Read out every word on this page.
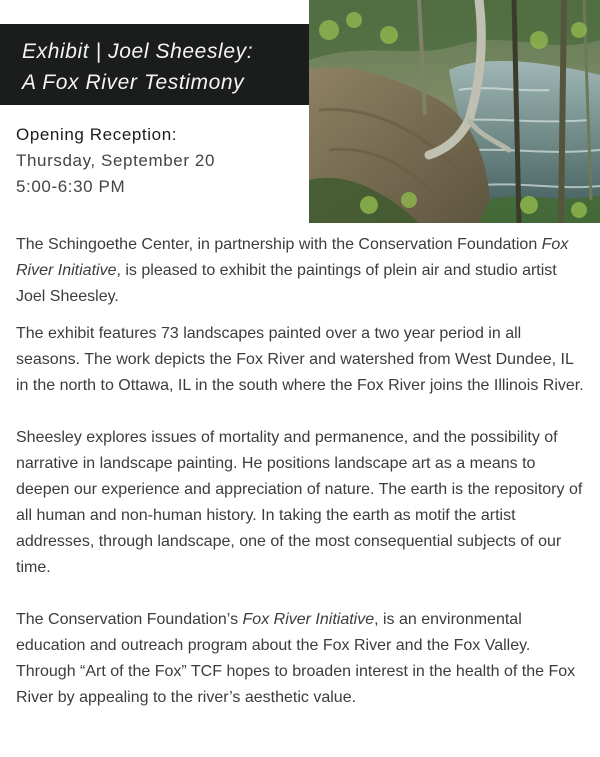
Exhibit | Joel Sheesley:
A Fox River Testimony
Opening Reception:
Thursday, September 20
5:00-6:30 PM

The Schingoethe Center, in partnership with the Conservation Foundation Fox River Initiative, is pleased to exhibit the paintings of plein air and studio artist Joel Sheesley.

The exhibit features 73 landscapes painted over a two year period in all seasons. The work depicts the Fox River and watershed from West Dundee, IL in the north to Ottawa, IL in the south where the Fox River joins the Illinois River.

Sheesley explores issues of mortality and permanence, and the possibility of narrative in landscape painting. He positions landscape art as a means to deepen our experience and appreciation of nature. The earth is the repository of all human and non-human history. In taking the earth as motif the artist addresses, through landscape, one of the most consequential subjects of our time.

The Conservation Foundation’s Fox River Initiative, is an environmental education and outreach program about the Fox River and the Fox Valley. Through “Art of the Fox” TCF hopes to broaden interest in the health of the Fox River by appealing to the river’s aesthetic value.
